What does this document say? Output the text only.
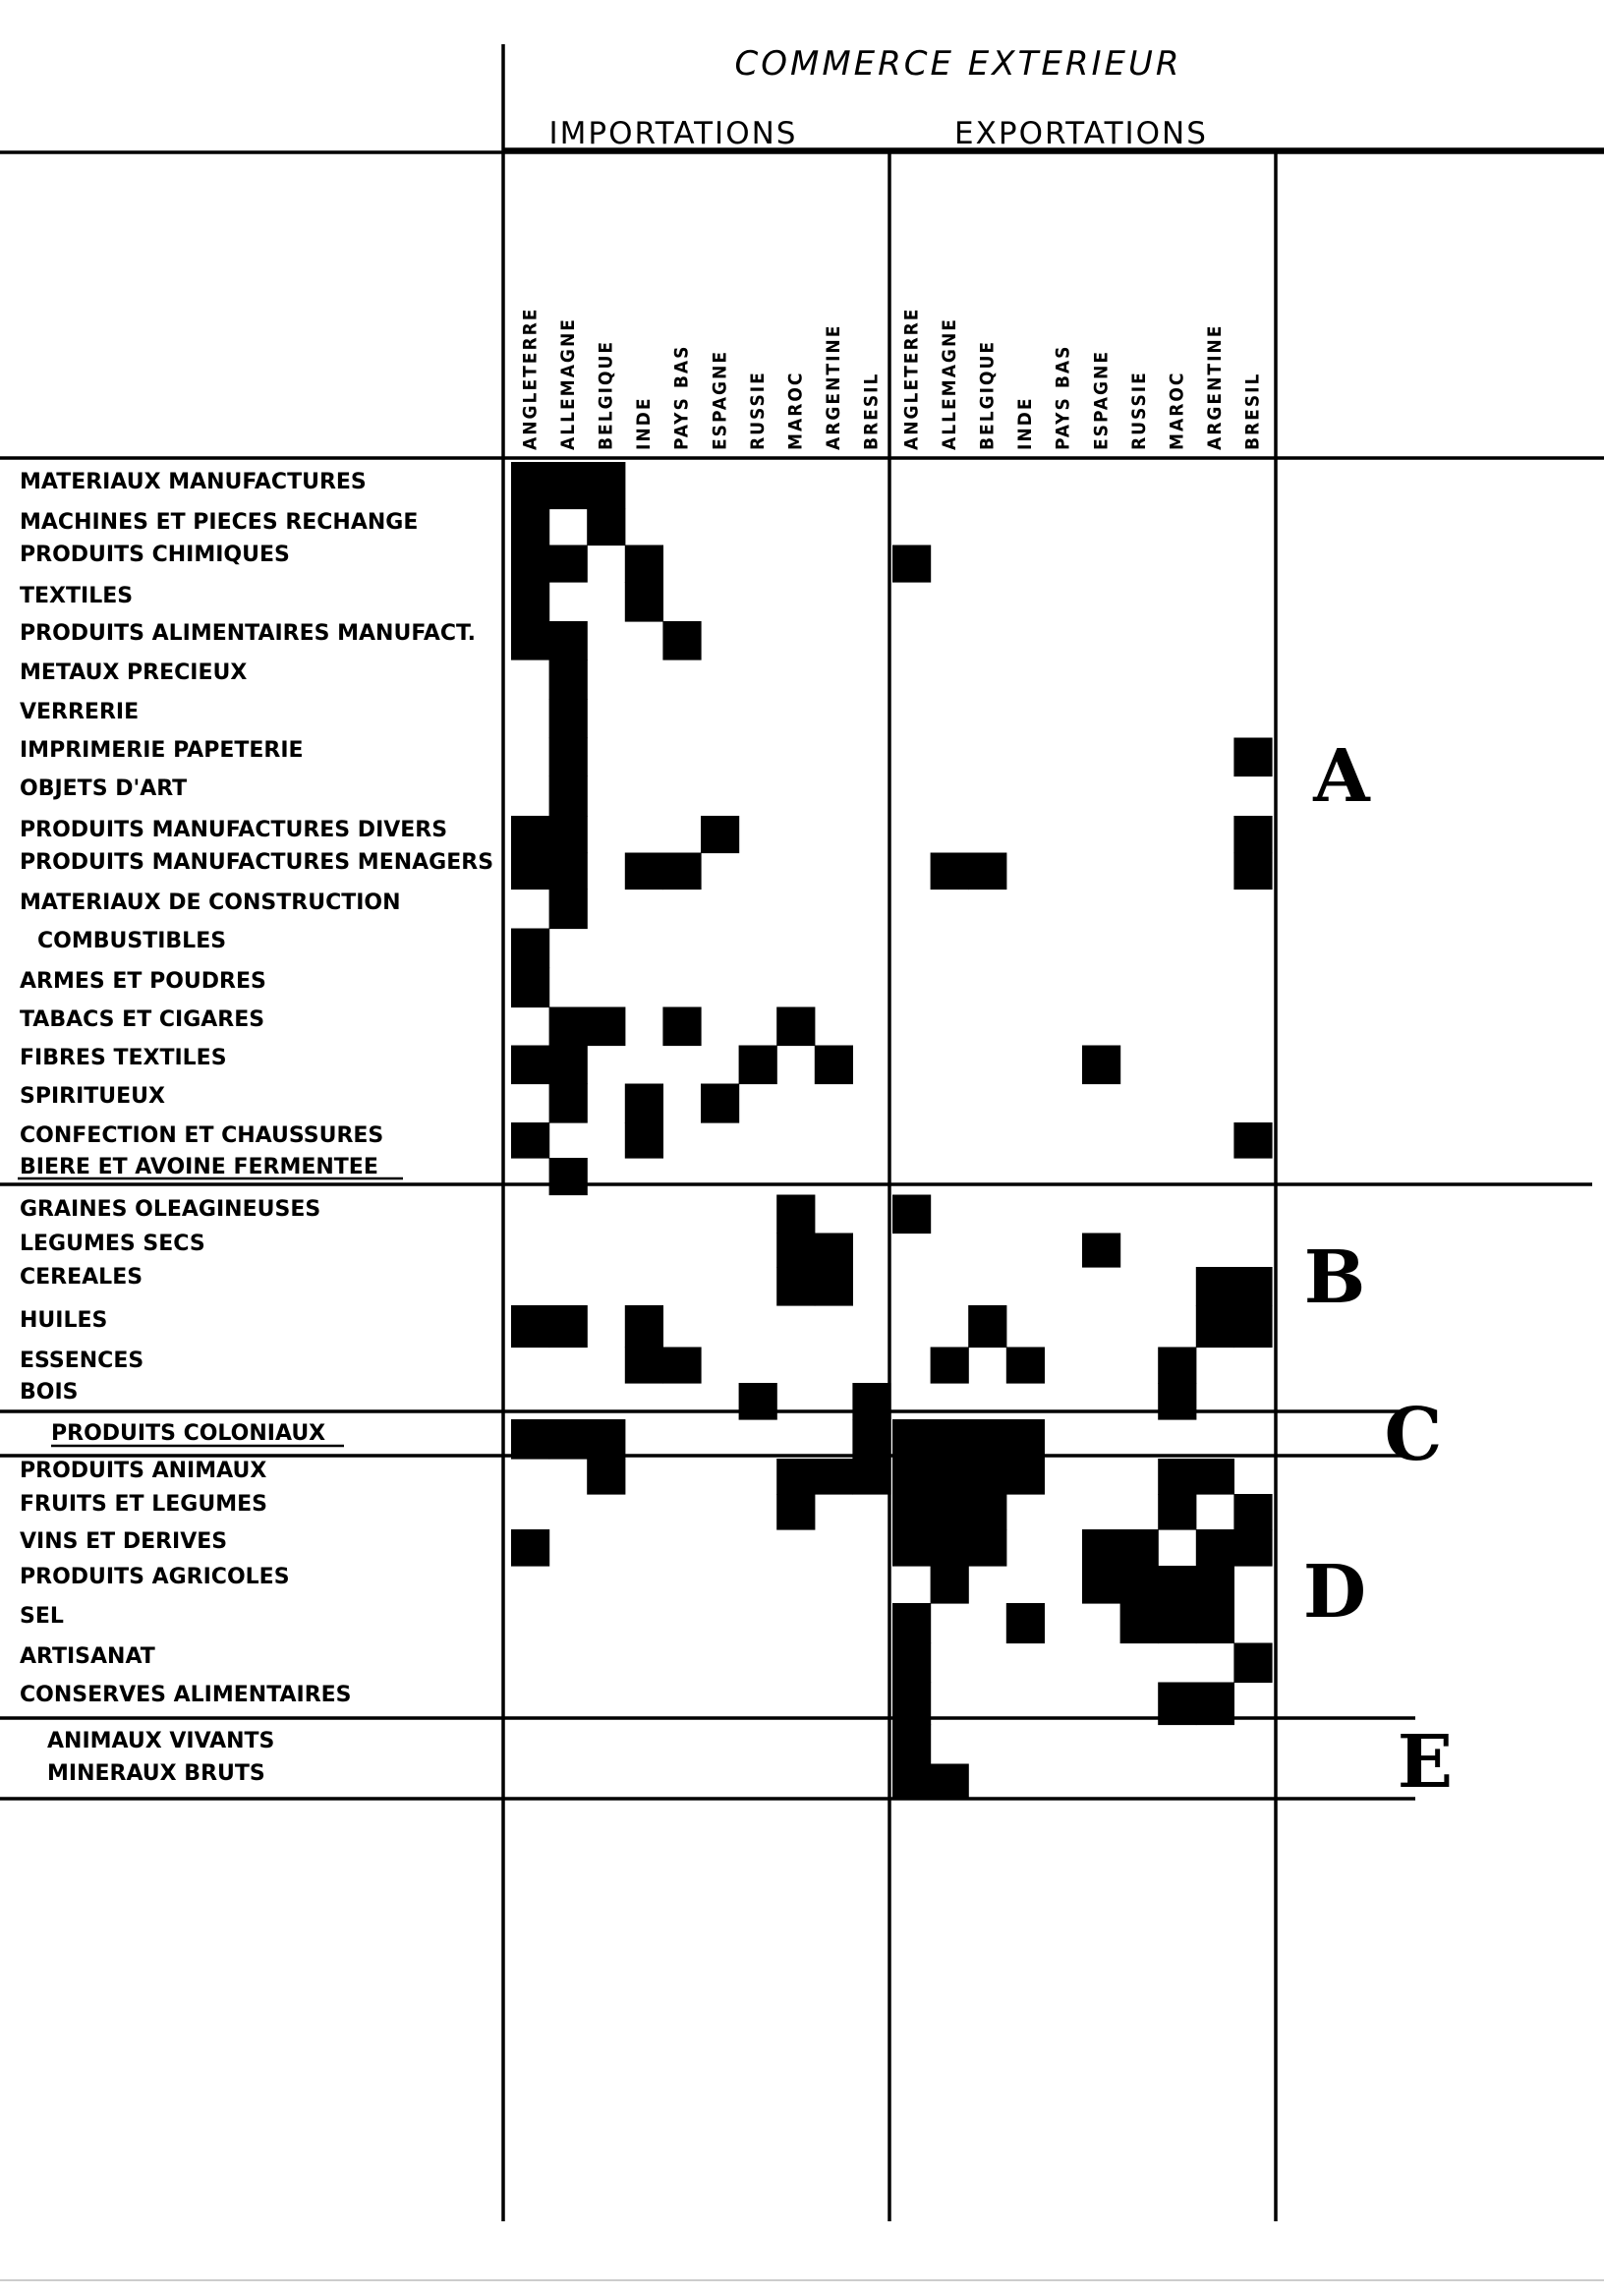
COMMERCE EXTERIEUR
IMPORTATIONS	EXPORTATIONS
ANGLETERRE ALLEMAGNE BELGIQUE INDE PAYS BAS ESPAGNE RUSSIE MAROC ARGENTINE BRESIL ANGLETERRE ALLEMAGNE BELGIQUE INDE PAYS BAS ESPAGNE RUSSIE MAROC ARGENTINE BRESIL
MATERIAUX MANUFACTURES
MACHINES ET PIECES RECHANGE
PRODUITS CHIMIQUES
TEXTILES
PRODUITS ALIMENTAIRES MANUFACT.
METAUX PRECIEUX
VERRERIE
IMPRIMERIE PAPETERIE
OBJETS D'ART
PRODUITS MANUFACTURES DIVERS
PRODUITS MANUFACTURES MENAGERS
MATERIAUX DE CONSTRUCTION
COMBUSTIBLES
ARMES ET POUDRES
TABACS ET CIGARES
FIBRES TEXTILES
SPIRITUEUX
CONFECTION ET CHAUSSURES
BIERE ET AVOINE FERMENTEE
GRAINES OLEAGINEUSES
LEGUMES SECS
CEREALES
HUILES
ESSENCES
BOIS
PRODUITS COLONIAUX
PRODUITS ANIMAUX
FRUITS ET LEGUMES
VINS ET DERIVES
PRODUITS AGRICOLES
SEL
ARTISANAT
CONSERVES ALIMENTAIRES
ANIMAUX VIVANTS
MINERAUX BRUTS
A
B
C
D
E
